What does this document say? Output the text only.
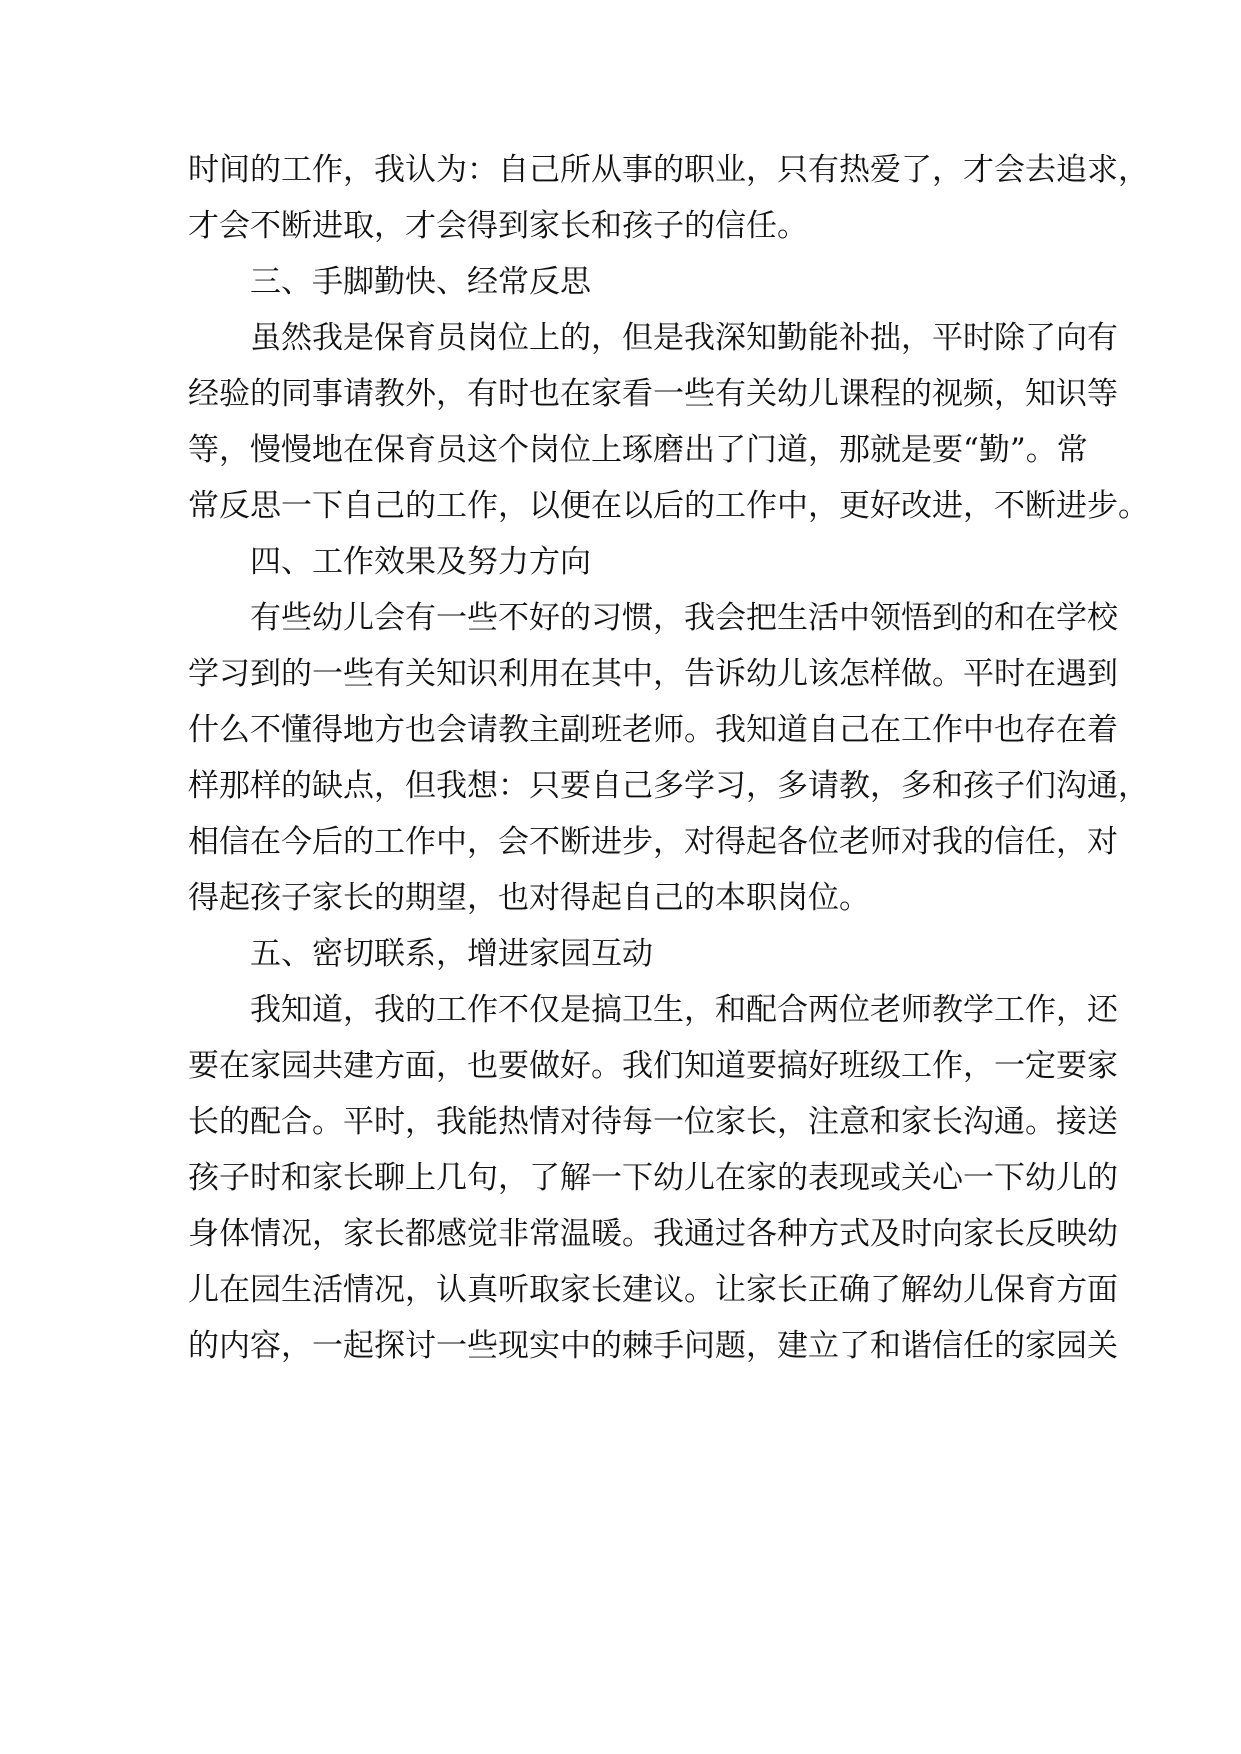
时间的工作，我认为：自己所从事的职业，只有热爱了，才会去追求，
才会不断进取，才会得到家长和孩子的信任。
三、手脚勤快、经常反思
虽然我是保育员岗位上的，但是我深知勤能补拙，平时除了向有
经验的同事请教外，有时也在家看一些有关幼儿课程的视频，知识等
等，慢慢地在保育员这个岗位上琢磨出了门道，那就是要“勤”。常
常反思一下自己的工作，以便在以后的工作中，更好改进，不断进步。
四、工作效果及努力方向
有些幼儿会有一些不好的习惯，我会把生活中领悟到的和在学校
学习到的一些有关知识利用在其中，告诉幼儿该怎样做。平时在遇到
什么不懂得地方也会请教主副班老师。我知道自己在工作中也存在着
样那样的缺点，但我想：只要自己多学习，多请教，多和孩子们沟通，
相信在今后的工作中，会不断进步，对得起各位老师对我的信任，对
得起孩子家长的期望，也对得起自己的本职岗位。
五、密切联系，增进家园互动
我知道，我的工作不仅是搞卫生，和配合两位老师教学工作，还
要在家园共建方面，也要做好。我们知道要搞好班级工作，一定要家
长的配合。平时，我能热情对待每一位家长，注意和家长沟通。接送
孩子时和家长聊上几句，了解一下幼儿在家的表现或关心一下幼儿的
身体情况，家长都感觉非常温暖。我通过各种方式及时向家长反映幼
儿在园生活情况，认真听取家长建议。让家长正确了解幼儿保育方面
的内容，一起探讨一些现实中的棘手问题，建立了和谐信任的家园关
